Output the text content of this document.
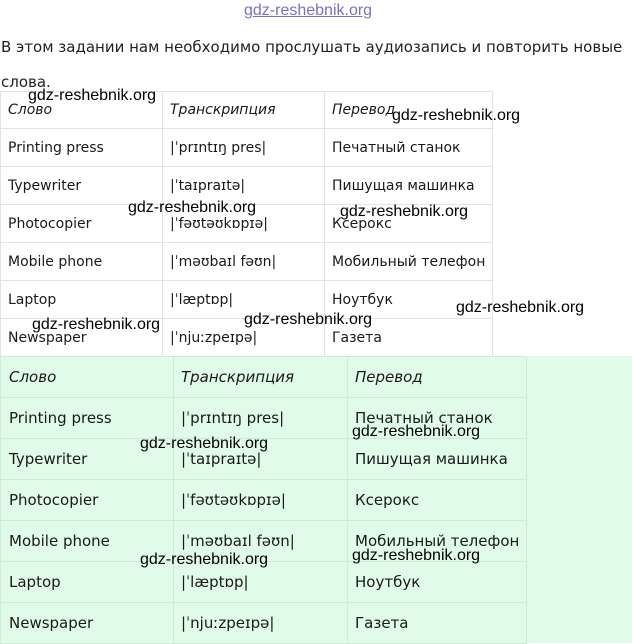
gdz-reshebnik.org
В этом задании нам необходимо прослушать аудиозапись и повторить новые слова.
Слово	Транскрипция	Перевод
Printing press	|ˈprɪntɪŋ pres|	Печатный станок
Typewriter	|ˈtaɪpraɪtə|	Пишущая машинка
Photocopier	|ˈfəʊtəʊkɒpɪə|	Ксерокс
Mobile phone	|ˈməʊbaɪl fəʊn|	Мобильный телефон
Laptop	|ˈlæptɒp|	Ноутбук
Newspaper	|ˈnjuːzpeɪpə|	Газета
Слово	Транскрипция	Перевод
Printing press	|ˈprɪntɪŋ pres|	Печатный станок
Typewriter	|ˈtaɪpraɪtə|	Пишущая машинка
Photocopier	|ˈfəʊtəʊkɒpɪə|	Ксерокс
Mobile phone	|ˈməʊbaɪl fəʊn|	Мобильный телефон
Laptop	|ˈlæptɒp|	Ноутбук
Newspaper	|ˈnjuːzpeɪpə|	Газета
gdz-reshebnik.org
gdz-reshebnik.org
gdz-reshebnik.org	gdz-reshebnik.org
gdz-reshebnik.org
gdz-reshebnik.org
gdz-reshebnik.org
gdz-reshebnik.org
gdz-reshebnik.org
gdz-reshebnik.org
gdz-reshebnik.org
